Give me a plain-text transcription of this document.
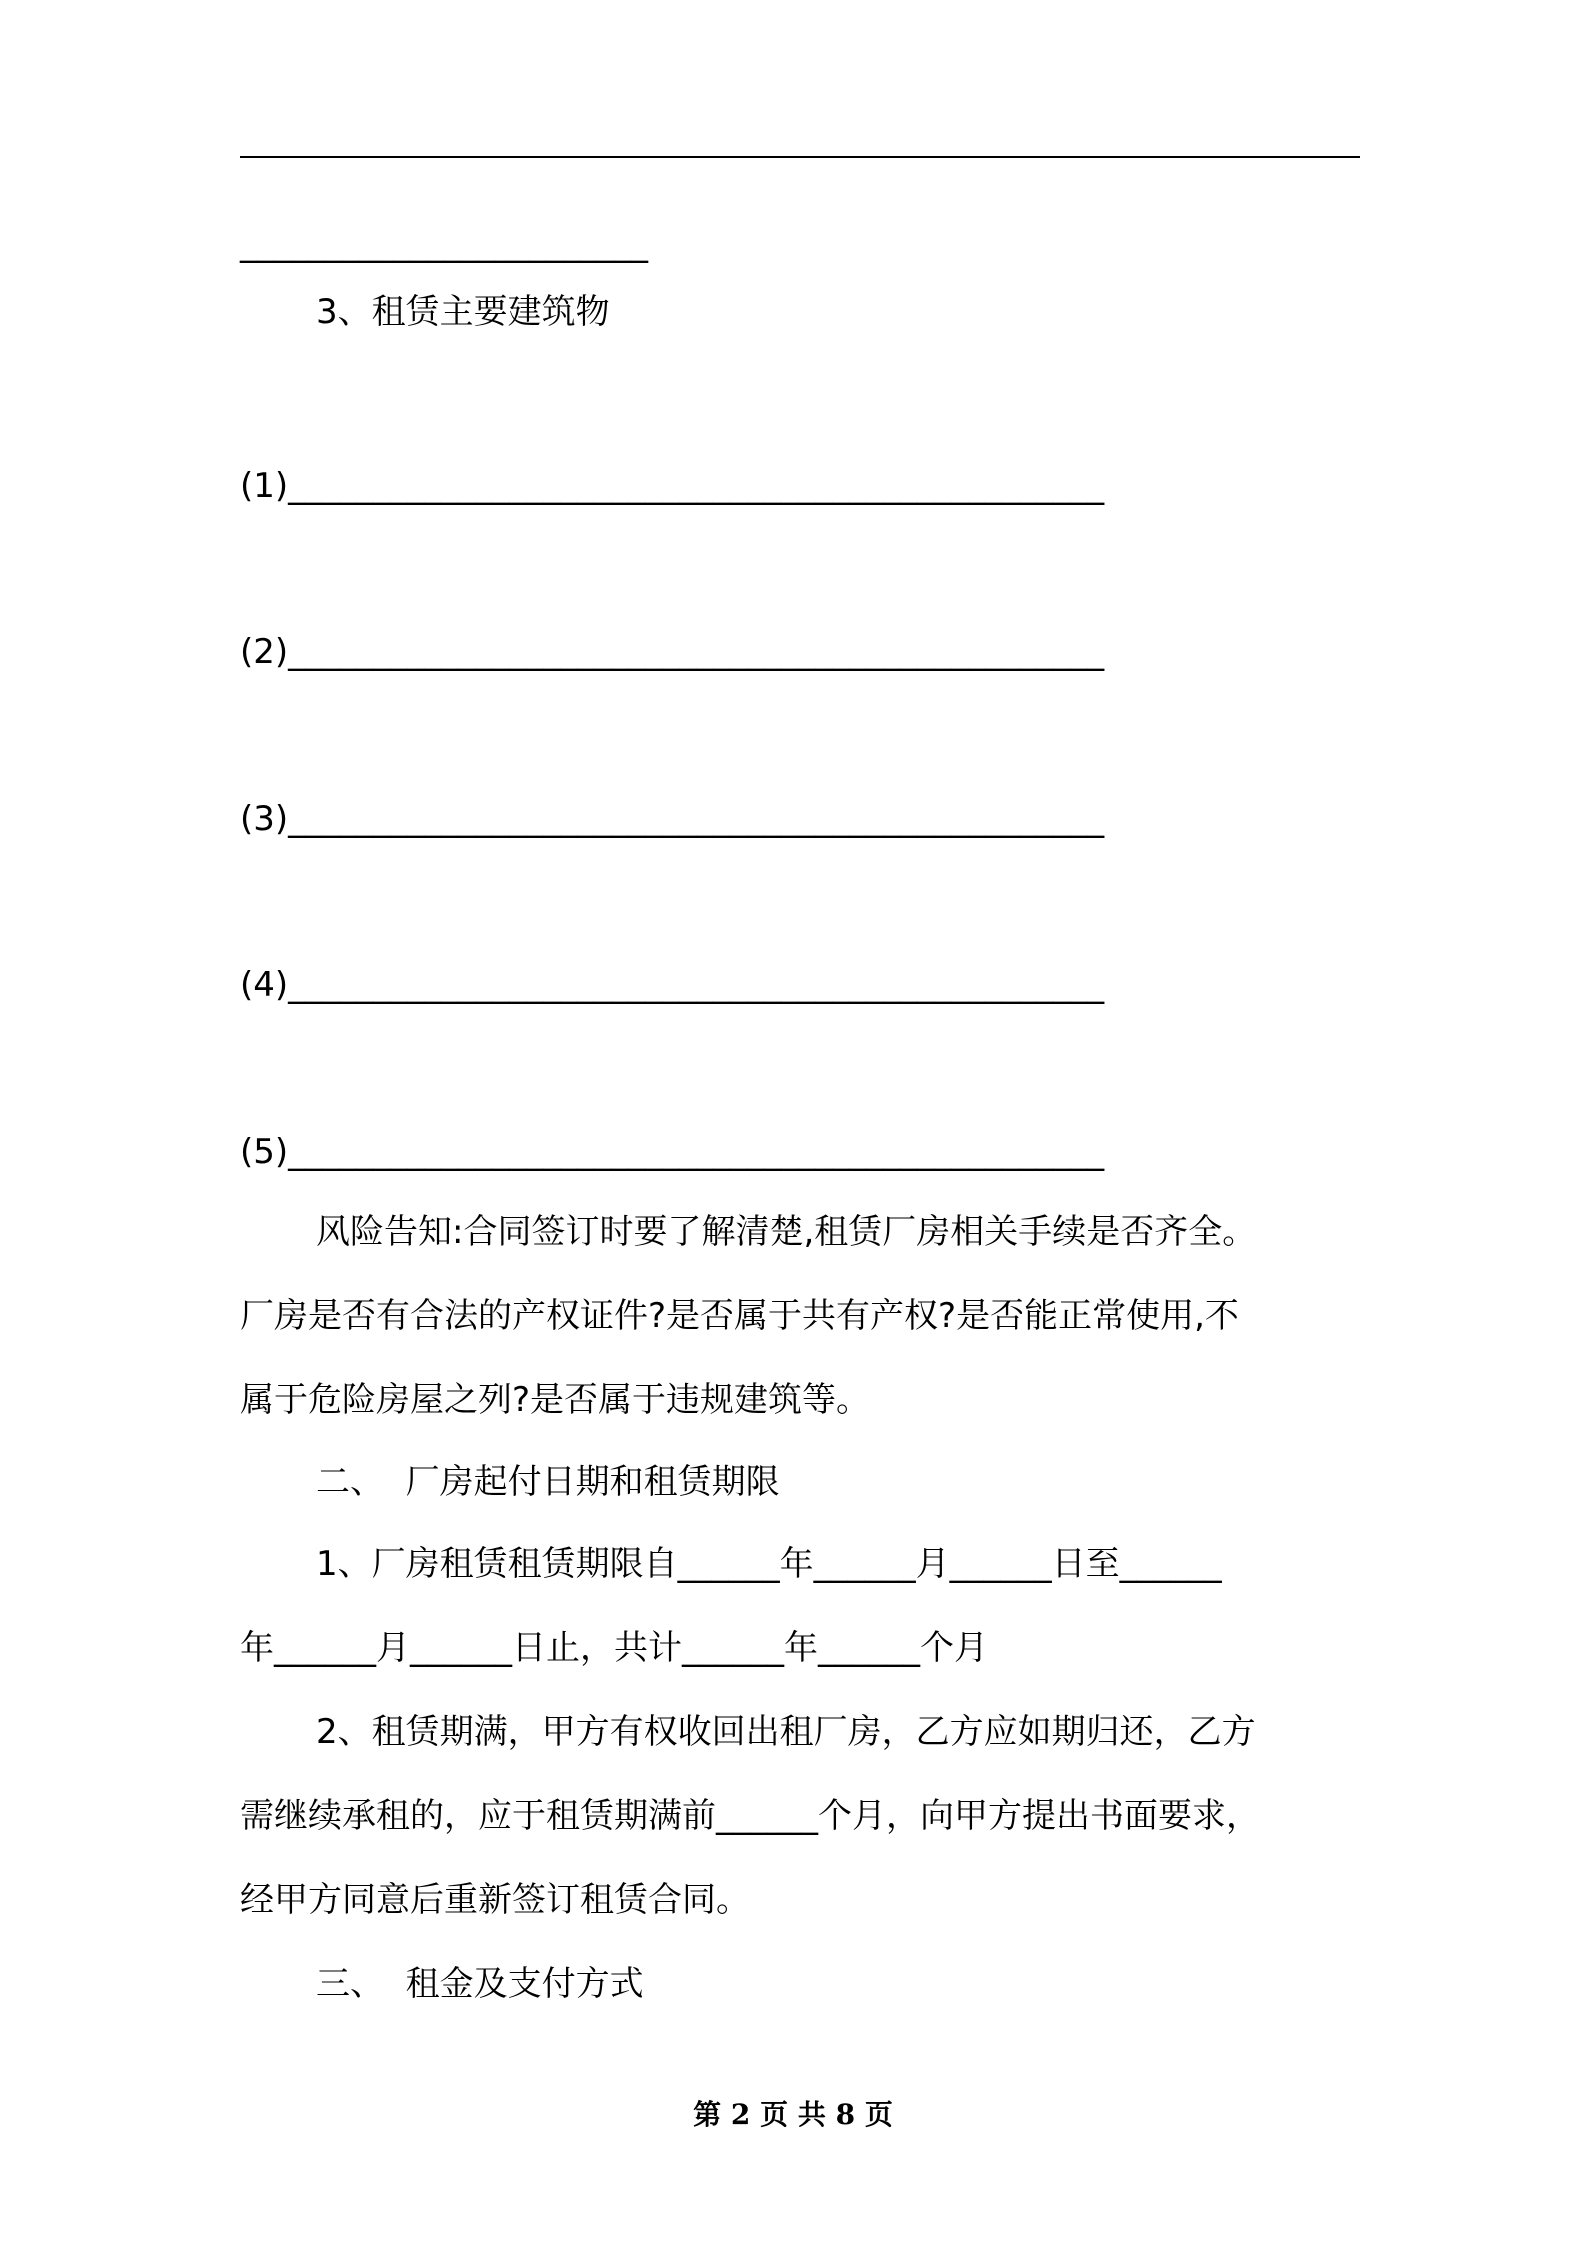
________________________
3、租赁主要建筑物
(1)________________________________________________
(2)________________________________________________
(3)________________________________________________
(4)________________________________________________
(5)________________________________________________
风险告知:合同签订时要了解清楚,租赁厂房相关手续是否齐全。
厂房是否有合法的产权证件?是否属于共有产权?是否能正常使用,不
属于危险房屋之列?是否属于违规建筑等。
二、  厂房起付日期和租赁期限
1、厂房租赁租赁期限自______年______月______日至______
年______月______日止，共计______年______个月
2、租赁期满，甲方有权收回出租厂房，乙方应如期归还，乙方
需继续承租的，应于租赁期满前______个月，向甲方提出书面要求，
经甲方同意后重新签订租赁合同。
三、  租金及支付方式
第 2 页 共 8 页
